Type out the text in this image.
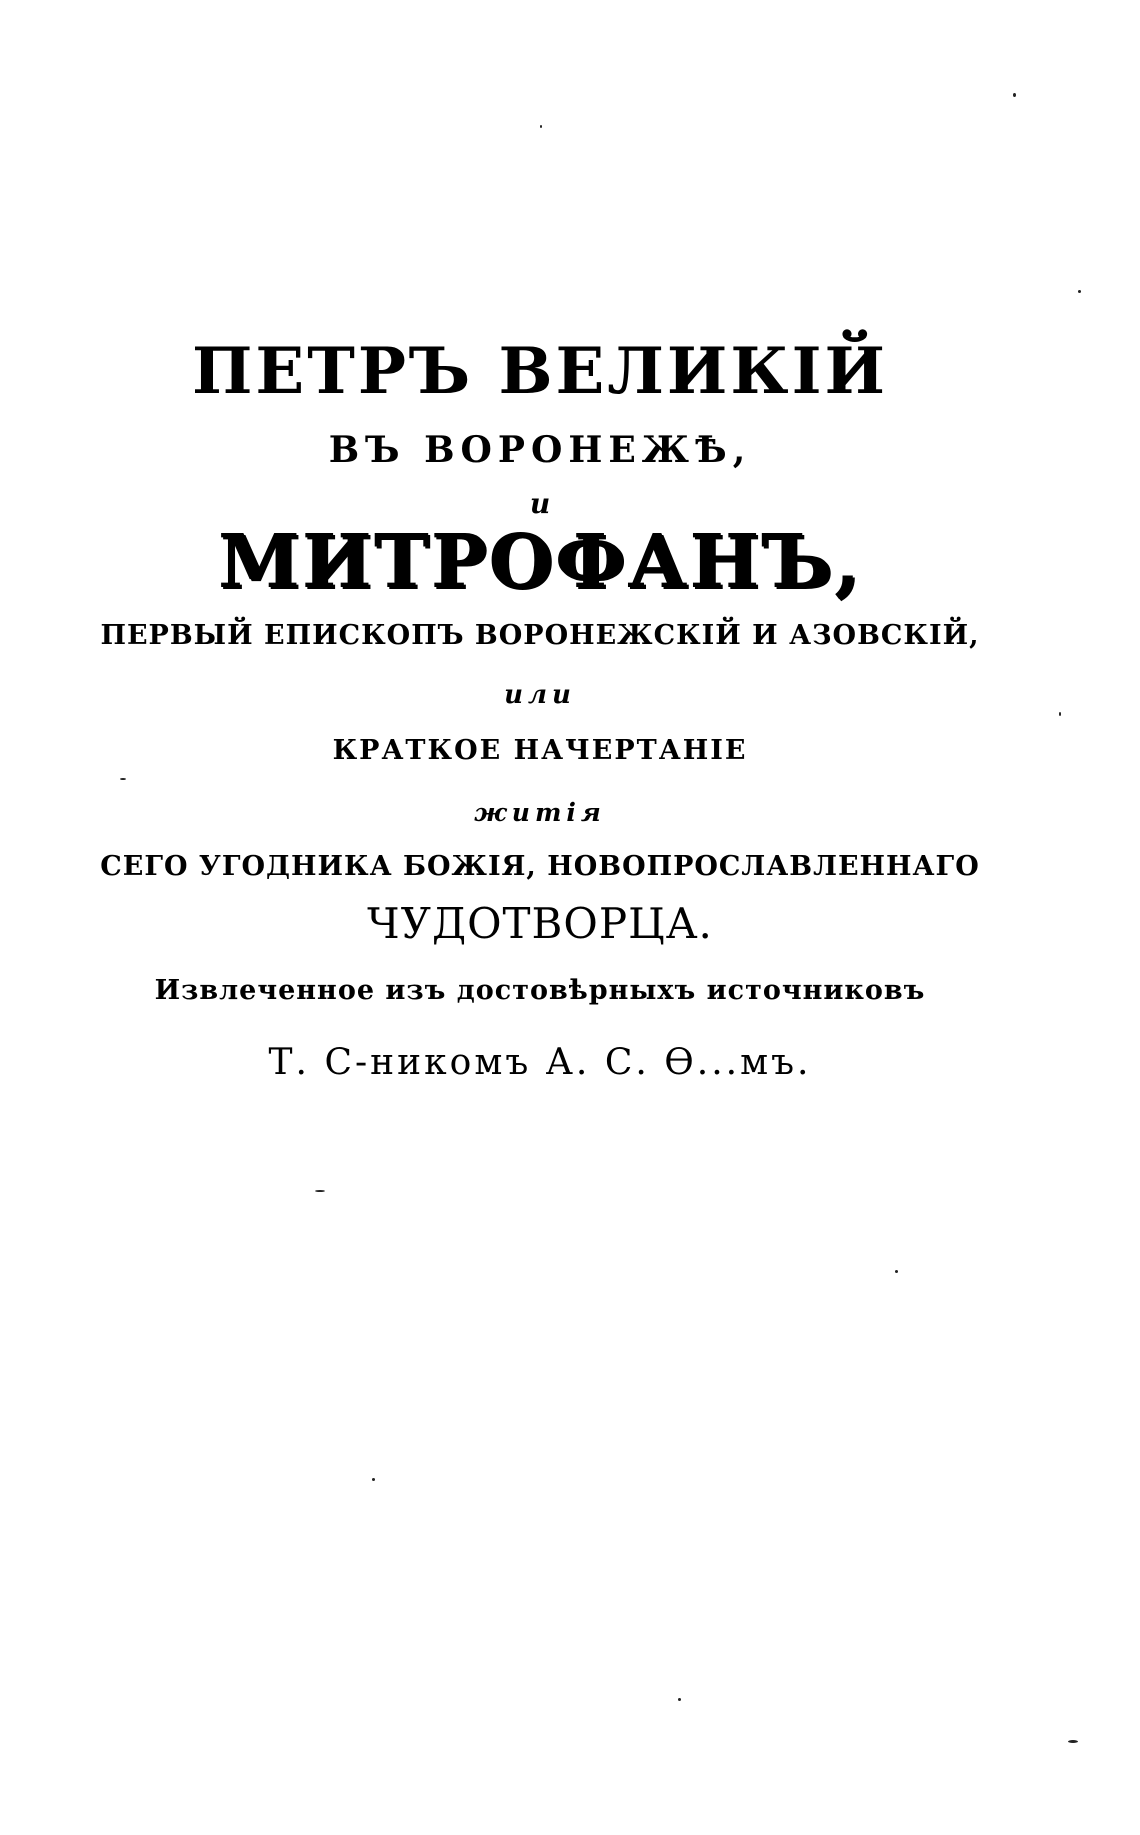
ПЕТРЪ ВЕЛИКІЙ
ВЪ ВОРОНЕЖѢ,
и
МИТРОФАНЪ,
ПЕРВЫЙ ЕПИСКОПЪ ВОРОНЕЖСКІЙ И АЗОВСКІЙ,
или
КРАТКОЕ НАЧЕРТАНІЕ
житія
СЕГО УГОДНИКА БОЖІЯ, НОВОПРОСЛАВЛЕННАГО
ЧУДОТВОРЦА.
Извлеченное изъ достовѣрныхъ источниковъ
Т. С-никомъ А. С. Ѳ...мъ.
